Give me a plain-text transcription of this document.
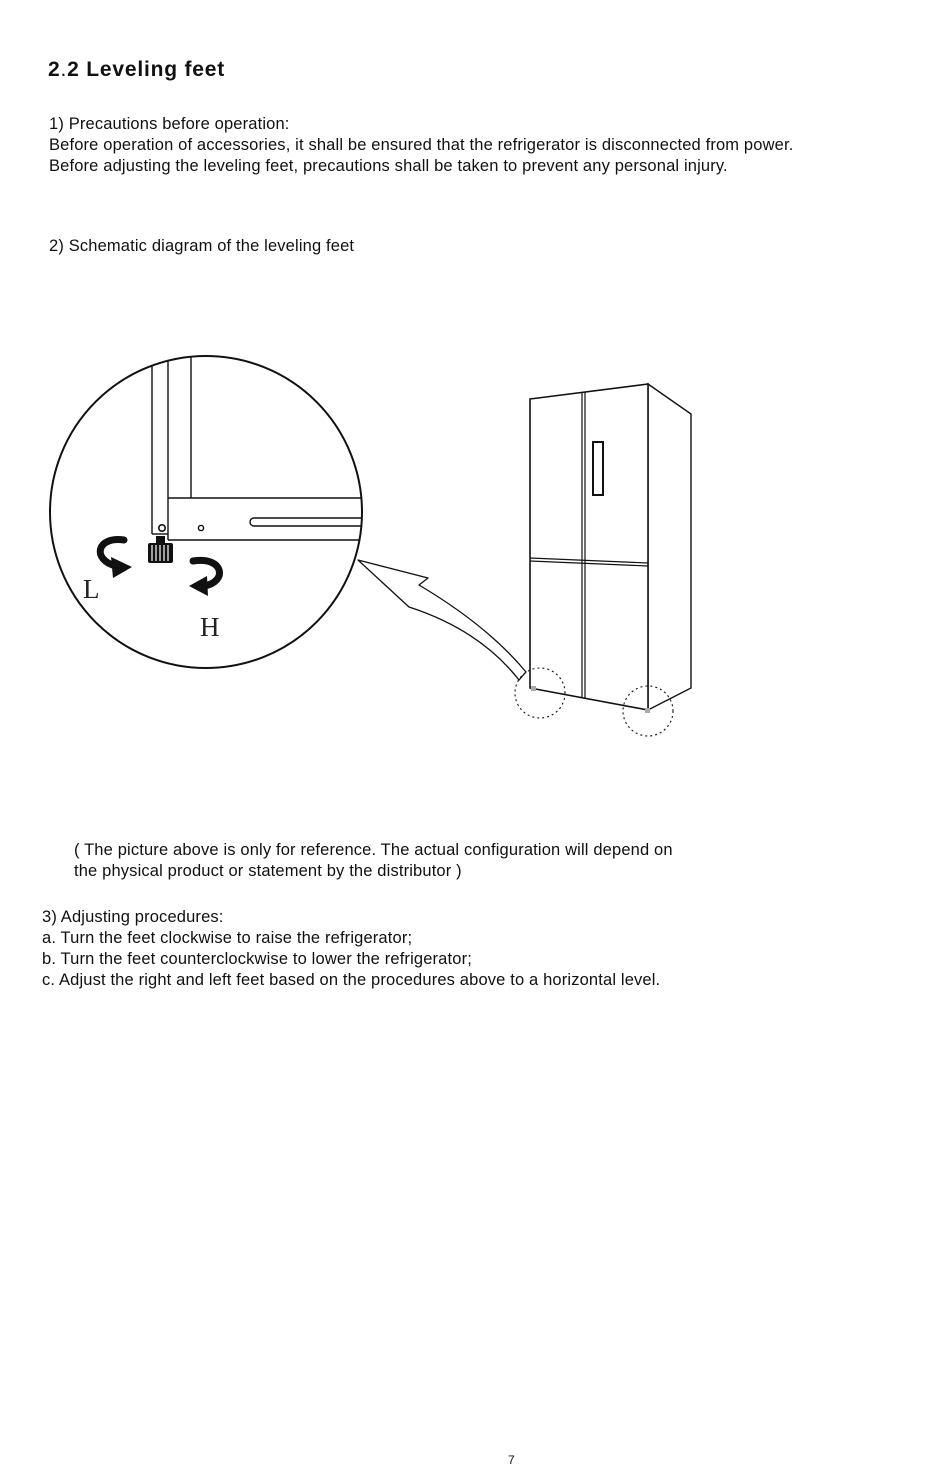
2.2 Leveling feet
1) Precautions before operation:
Before operation of accessories, it shall be ensured that the refrigerator is disconnected from power.
Before adjusting the leveling feet, precautions shall be taken to prevent any personal injury.
2) Schematic diagram of the leveling feet
L
H
( The picture above is only for reference. The actual configuration will depend on
the physical product or statement by the distributor )
3) Adjusting procedures:
a. Turn the feet clockwise to raise the refrigerator;
b. Turn the feet counterclockwise to lower the refrigerator;
c. Adjust the right and left feet based on the procedures above to a horizontal level.
7
